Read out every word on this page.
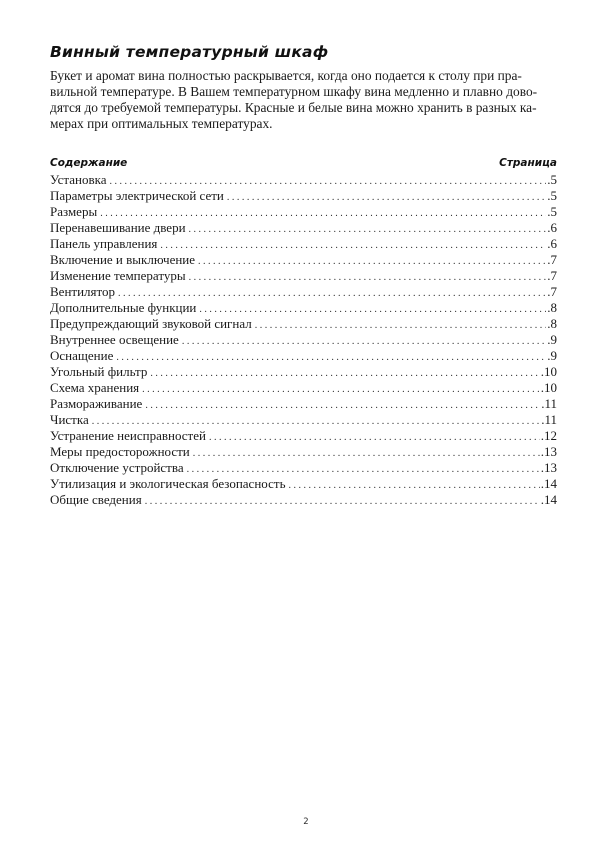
Винный температурный шкаф

Букет и аромат вина полностью раскрывается, когда оно подается к столу при пра-
вильной температуре. В Вашем температурном шкафу вина медленно и плавно дово-
дятся до требуемой температуры. Красные и белые вина можно хранить в разных ка-
мерах при оптимальных температурах.

Содержание	Страница
Установка . . .	.5
Параметры электрической сети . . .	.5
Размеры . . .	.5
Перенавешивание двери . . .	.6
Панель управления . . .	.6
Включение и выключение . . .	.7
Изменение температуры . . .	.7
Вентилятор . . .	.7
Дополнительные функции . . .	.8
Предупреждающий звуковой сигнал . . .	.8
Внутреннее освещение . . .	.9
Оснащение . . .	.9
Угольный фильтр . . .	.10
Схема хранения . . .	.10
Размораживание . . .	.11
Чистка . . .	.11
Устранение неисправностей . . .	.12
Меры предосторожности . . .	.13
Отключение устройства . . .	.13
Утилизация и экологическая безопасность . . .	.14
Общие сведения . . .	.14
2
